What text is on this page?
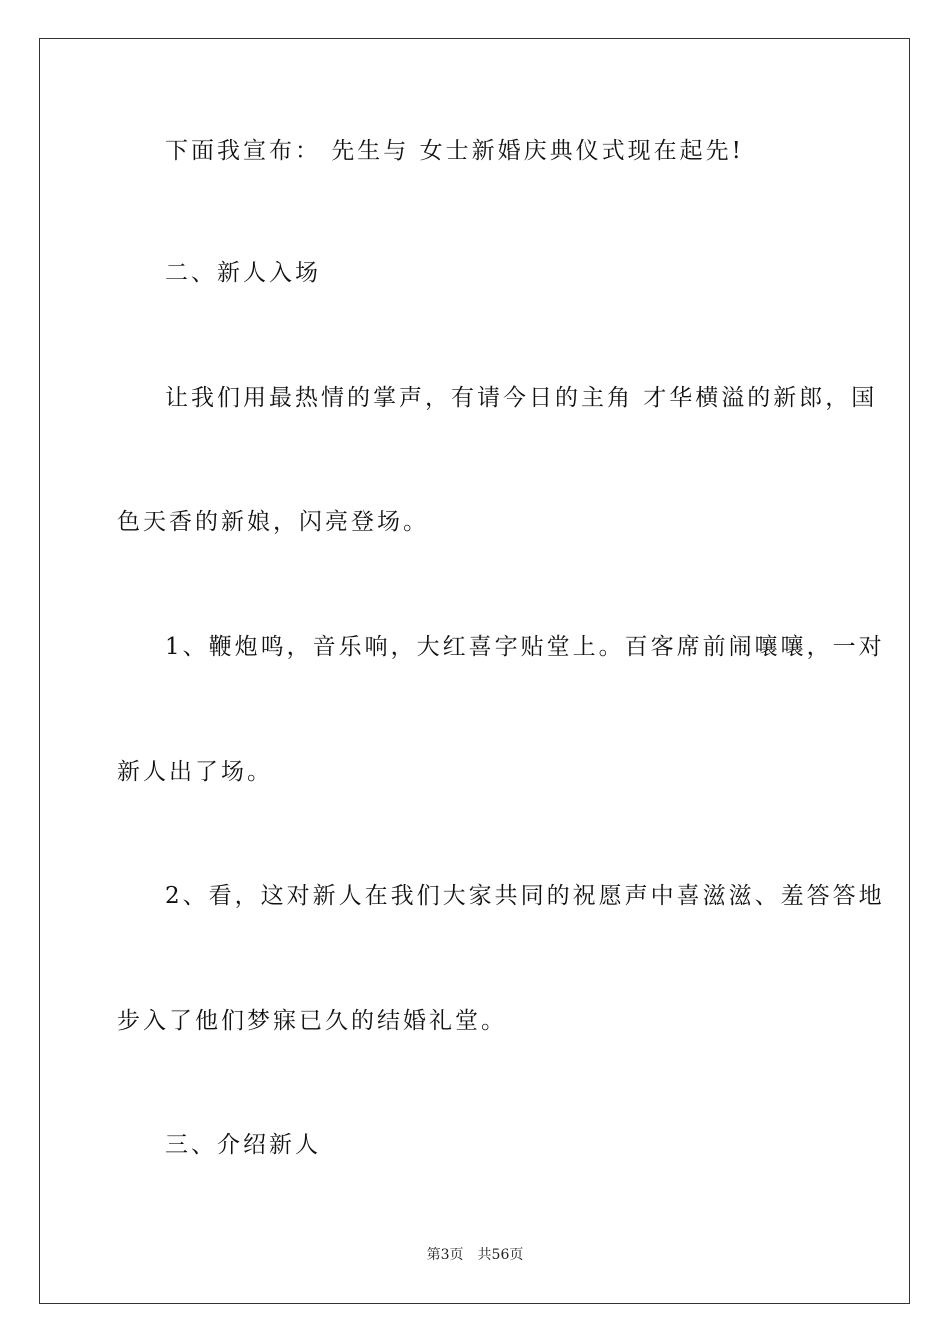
下面我宣布： 先生与 女士新婚庆典仪式现在起先!
二、新人入场
让我们用最热情的掌声，有请今日的主角 才华横溢的新郎，国
色天香的新娘，闪亮登场。
1、鞭炮鸣，音乐响，大红喜字贴堂上。百客席前闹嚷嚷，一对
新人出了场。
2、看，这对新人在我们大家共同的祝愿声中喜滋滋、羞答答地
步入了他们梦寐已久的结婚礼堂。
三、介绍新人
第3页 共56页
